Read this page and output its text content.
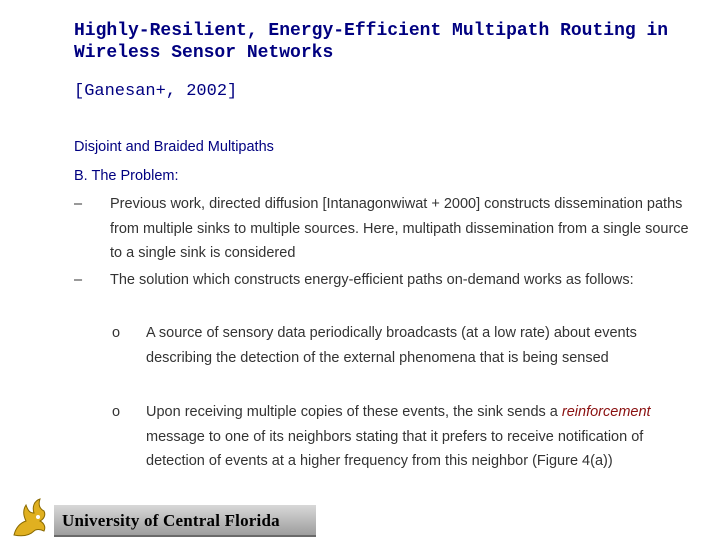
Highly-Resilient, Energy-Efficient Multipath Routing in Wireless Sensor Networks
[Ganesan+, 2002]
Disjoint and Braided Multipaths
B. The Problem:
– Previous work, directed diffusion [Intanagonwiwat + 2000] constructs dissemination paths from multiple sinks to multiple sources. Here, multipath dissemination from a single source to a single sink is considered
– The solution which constructs energy-efficient paths on-demand works as follows:
o A source of sensory data periodically broadcasts (at a low rate) about events describing the detection of the external phenomena that is being sensed
o Upon receiving multiple copies of these events, the sink sends a reinforcement message to one of its neighbors stating that it prefers to receive notification of detection of events at a higher frequency from this neighbor (Figure 4(a))
University of Central Florida
